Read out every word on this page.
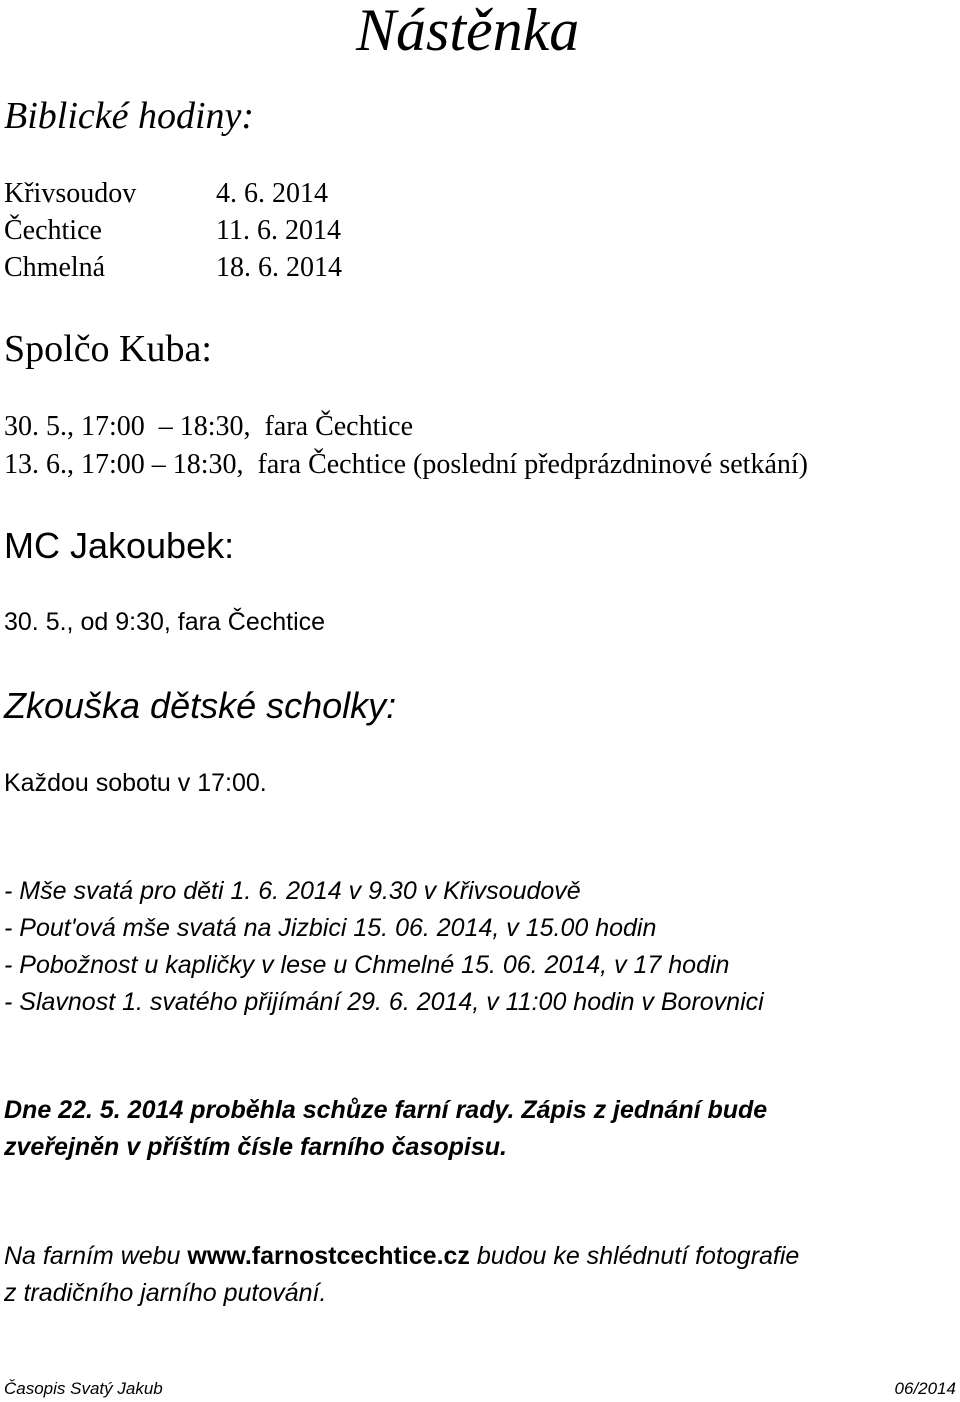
Nástěnka
Biblické hodiny:
Křivsoudov	4. 6. 2014
Čechtice	11. 6. 2014
Chmelná	18. 6. 2014
Spolčo Kuba:
30. 5., 17:00  – 18:30,  fara Čechtice
13. 6., 17:00 – 18:30,  fara Čechtice (poslední předprázdninové setkání)
MC Jakoubek:
30. 5., od 9:30, fara Čechtice
Zkouška dětské scholky:
Každou sobotu v 17:00.
- Mše svatá pro děti 1. 6. 2014 v 9.30 v Křivsoudově
- Pout'ová mše svatá na Jizbici 15. 06. 2014, v 15.00 hodin
- Pobožnost u kapličky v lese u Chmelné 15. 06. 2014, v 17 hodin
- Slavnost 1. svatého přijímání 29. 6. 2014, v 11:00 hodin v Borovnici
Dne 22. 5. 2014 proběhla schůze farní rady. Zápis z jednání bude
zveřejněn v příštím čísle farního časopisu.
Na farním webu www.farnostcechtice.cz budou ke shlédnutí fotografie
z tradičního jarního putování.
Časopis Svatý Jakub	06/2014
